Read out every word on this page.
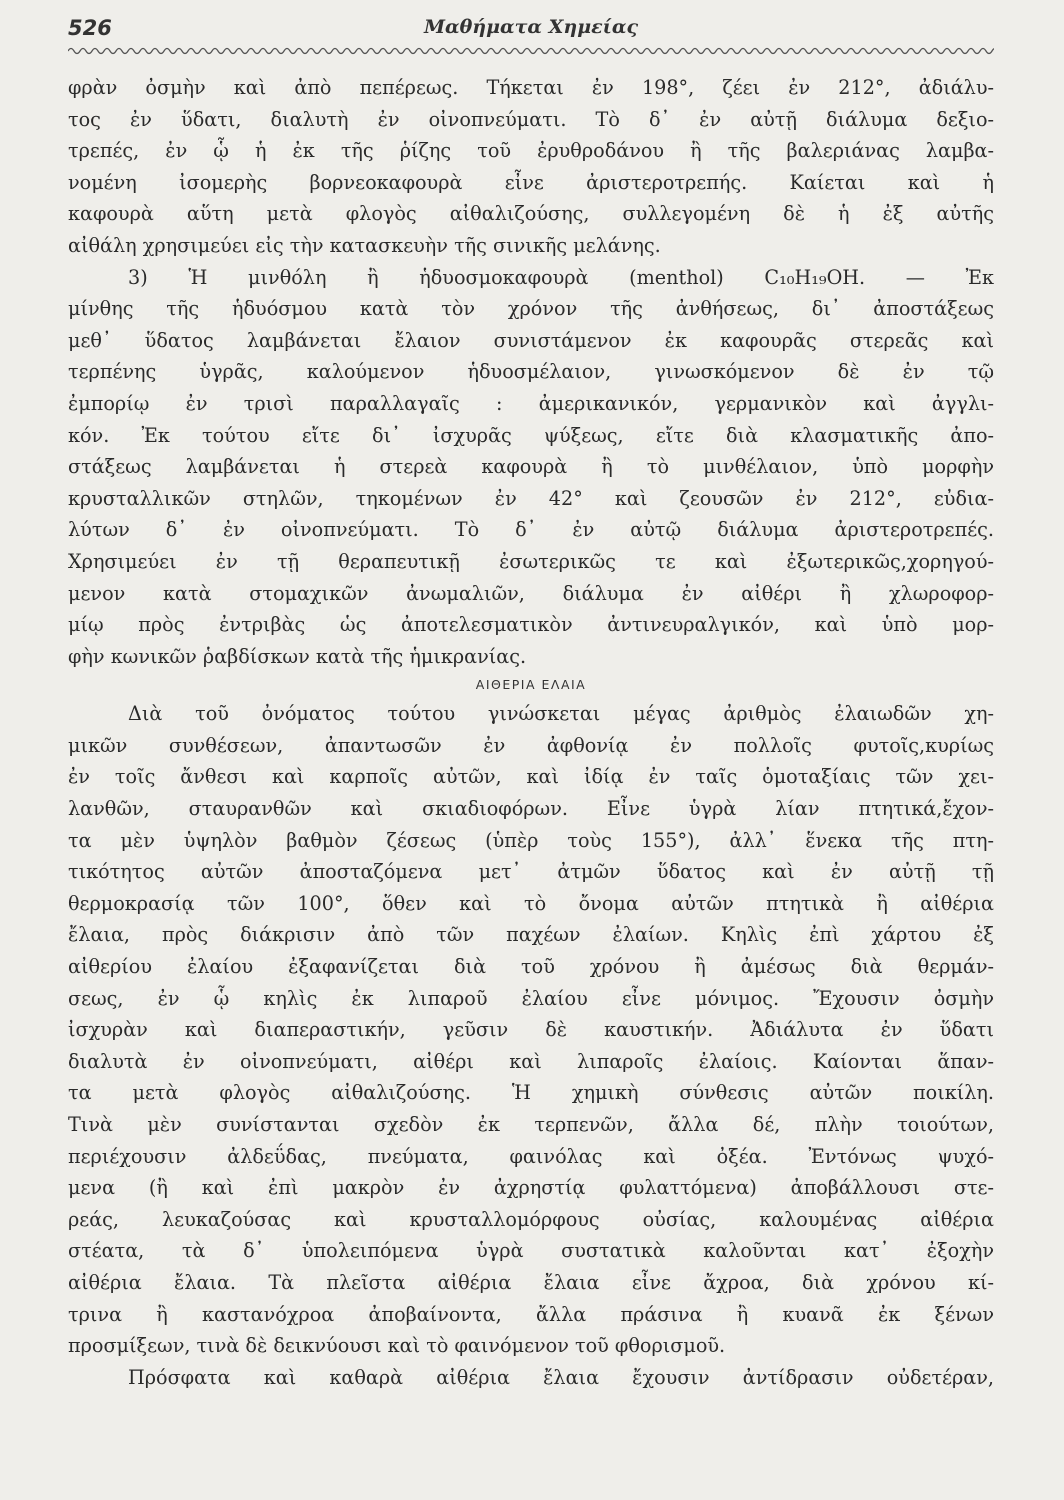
526	Μαθήματα Χημείας
φρὰν ὀσμὴν καὶ ἀπὸ πεπέρεως. Τήκεται ἐν 198°, ζέει ἐν 212°, ἀδιάλυ-
τος ἐν ὕδατι, διαλυτὴ ἐν οἰνοπνεύματι. Τὸ δ᾿ ἐν αὐτῇ διάλυμα δεξιο-
τρεπές, ἐν ᾧ ἡ ἐκ τῆς ῥίζης τοῦ ἐρυθροδάνου ἢ τῆς βαλεριάνας λαμβα-
νομένη ἰσομερὴς βορνεοκαφουρὰ εἶνε ἀριστεροτρεπής. Καίεται καὶ ἡ
καφουρὰ αὕτη μετὰ φλογὸς αἰθαλιζούσης, συλλεγομένη δὲ ἡ ἐξ αὐτῆς
αἰθάλη χρησιμεύει εἰς τὴν κατασκευὴν τῆς σινικῆς μελάνης.
3) Ἡ μινθόλη ἢ ἡδυοσμοκαφουρὰ (menthol) C₁₀H₁₉OH. — Ἐκ
μίνθης τῆς ἡδυόσμου κατὰ τὸν χρόνον τῆς ἀνθήσεως, δι᾿ ἀποστάξεως
μεθ᾿ ὕδατος λαμβάνεται ἔλαιον συνιστάμενον ἐκ καφουρᾶς στερεᾶς καὶ
τερπένης ὑγρᾶς, καλούμενον ἡδυοσμέλαιον, γινωσκόμενον δὲ ἐν τῷ
ἐμπορίῳ ἐν τρισὶ παραλλαγαῖς : ἀμερικανικόν, γερμανικὸν καὶ ἀγγλι-
κόν. Ἐκ τούτου εἴτε δι᾿ ἰσχυρᾶς ψύξεως, εἴτε διὰ κλασματικῆς ἀπο-
στάξεως λαμβάνεται ἡ στερεὰ καφουρὰ ἢ τὸ μινθέλαιον, ὑπὸ μορφὴν
κρυσταλλικῶν στηλῶν, τηκομένων ἐν 42° καὶ ζεουσῶν ἐν 212°, εὐδια-
λύτων δ᾿ ἐν οἰνοπνεύματι. Τὸ δ᾿ ἐν αὐτῷ διάλυμα ἀριστεροτρεπές.
Χρησιμεύει ἐν τῇ θεραπευτικῇ ἐσωτερικῶς τε καὶ ἐξωτερικῶς,χορηγού-
μενον κατὰ στομαχικῶν ἀνωμαλιῶν, διάλυμα ἐν αἰθέρι ἢ χλωροφορ-
μίῳ πρὸς ἐντριβὰς ὡς ἀποτελεσματικὸν ἀντινευραλγικόν, καὶ ὑπὸ μορ-
φὴν κωνικῶν ῥαβδίσκων κατὰ τῆς ἡμικρανίας.
ΑΙΘΕΡΙΑ ΕΛΑΙΑ
Διὰ τοῦ ὀνόματος τούτου γινώσκεται μέγας ἀριθμὸς ἐλαιωδῶν χη-
μικῶν συνθέσεων, ἀπαντωσῶν ἐν ἀφθονίᾳ ἐν πολλοῖς φυτοῖς,κυρίως
ἐν τοῖς ἄνθεσι καὶ καρποῖς αὐτῶν, καὶ ἰδίᾳ ἐν ταῖς ὁμοταξίαις τῶν χει-
λανθῶν, σταυρανθῶν καὶ σκιαδιοφόρων. Εἶνε ὑγρὰ λίαν πτητικά,ἔχον-
τα μὲν ὑψηλὸν βαθμὸν ζέσεως (ὑπὲρ τοὺς 155°), ἀλλ᾿ ἕνεκα τῆς πτη-
τικότητος αὐτῶν ἀποσταζόμενα μετ᾿ ἀτμῶν ὕδατος καὶ ἐν αὐτῇ τῇ
θερμοκρασίᾳ τῶν 100°, ὅθεν καὶ τὸ ὄνομα αὐτῶν πτητικὰ ἢ αἰθέρια
ἔλαια, πρὸς διάκρισιν ἀπὸ τῶν παχέων ἐλαίων. Κηλὶς ἐπὶ χάρτου ἐξ
αἰθερίου ἐλαίου ἐξαφανίζεται διὰ τοῦ χρόνου ἢ ἀμέσως διὰ θερμάν-
σεως, ἐν ᾧ κηλὶς ἐκ λιπαροῦ ἐλαίου εἶνε μόνιμος. Ἔχουσιν ὀσμὴν
ἰσχυρὰν καὶ διαπεραστικήν, γεῦσιν δὲ καυστικήν. Ἀδιάλυτα ἐν ὕδατι
διαλυτὰ ἐν οἰνοπνεύματι, αἰθέρι καὶ λιπαροῖς ἐλαίοις. Καίονται ἅπαν-
τα μετὰ φλογὸς αἰθαλιζούσης. Ἡ χημικὴ σύνθεσις αὐτῶν ποικίλη.
Τινὰ μὲν συνίστανται σχεδὸν ἐκ τερπενῶν, ἄλλα δέ, πλὴν τοιούτων,
περιέχουσιν ἀλδεΰδας, πνεύματα, φαινόλας καὶ ὀξέα. Ἐντόνως ψυχό-
μενα (ἢ καὶ ἐπὶ μακρὸν ἐν ἀχρηστίᾳ φυλαττόμενα) ἀποβάλλουσι στε-
ρεάς, λευκαζούσας καὶ κρυσταλλομόρφους οὐσίας, καλουμένας αἰθέρια
στέατα, τὰ δ᾿ ὑπολειπόμενα ὑγρὰ συστατικὰ καλοῦνται κατ᾿ ἐξοχὴν
αἰθέρια ἔλαια. Τὰ πλεῖστα αἰθέρια ἔλαια εἶνε ἄχροα, διὰ χρόνου κί-
τρινα ἢ καστανόχροα ἀποβαίνοντα, ἄλλα πράσινα ἢ κυανᾶ ἐκ ξένων
προσμίξεων, τινὰ δὲ δεικνύουσι καὶ τὸ φαινόμενον τοῦ φθορισμοῦ.
Πρόσφατα καὶ καθαρὰ αἰθέρια ἔλαια ἔχουσιν ἀντίδρασιν οὐδετέραν,
